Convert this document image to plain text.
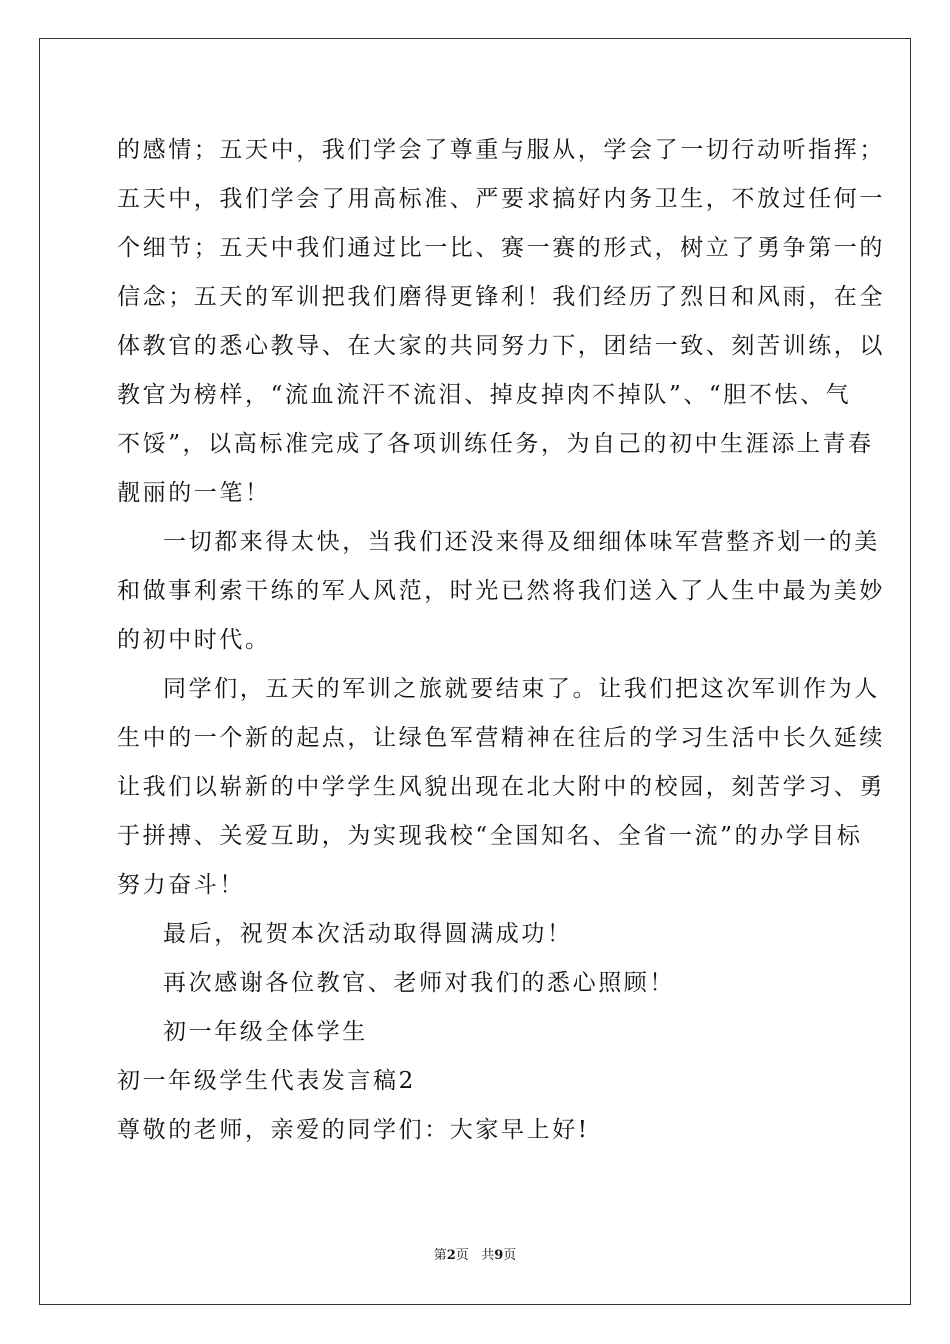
的感情；五天中，我们学会了尊重与服从，学会了一切行动听指挥；
五天中，我们学会了用高标准、严要求搞好内务卫生，不放过任何一
个细节；五天中我们通过比一比、赛一赛的形式，树立了勇争第一的
信念；五天的军训把我们磨得更锋利！我们经历了烈日和风雨，在全
体教官的悉心教导、在大家的共同努力下，团结一致、刻苦训练，以
教官为榜样，“流血流汗不流泪、掉皮掉肉不掉队”、“胆不怯、气
不馁”，以高标准完成了各项训练任务，为自己的初中生涯添上青春
靓丽的一笔！
一切都来得太快，当我们还没来得及细细体味军营整齐划一的美
和做事利索干练的军人风范，时光已然将我们送入了人生中最为美妙
的初中时代。
同学们，五天的军训之旅就要结束了。让我们把这次军训作为人
生中的一个新的起点，让绿色军营精神在往后的学习生活中长久延续
让我们以崭新的中学学生风貌出现在北大附中的校园，刻苦学习、勇
于拼搏、关爱互助，为实现我校“全国知名、全省一流”的办学目标
努力奋斗！
最后，祝贺本次活动取得圆满成功！
再次感谢各位教官、老师对我们的悉心照顾！
初一年级全体学生
初一年级学生代表发言稿2
尊敬的老师，亲爱的同学们：大家早上好!
第2页 共9页
